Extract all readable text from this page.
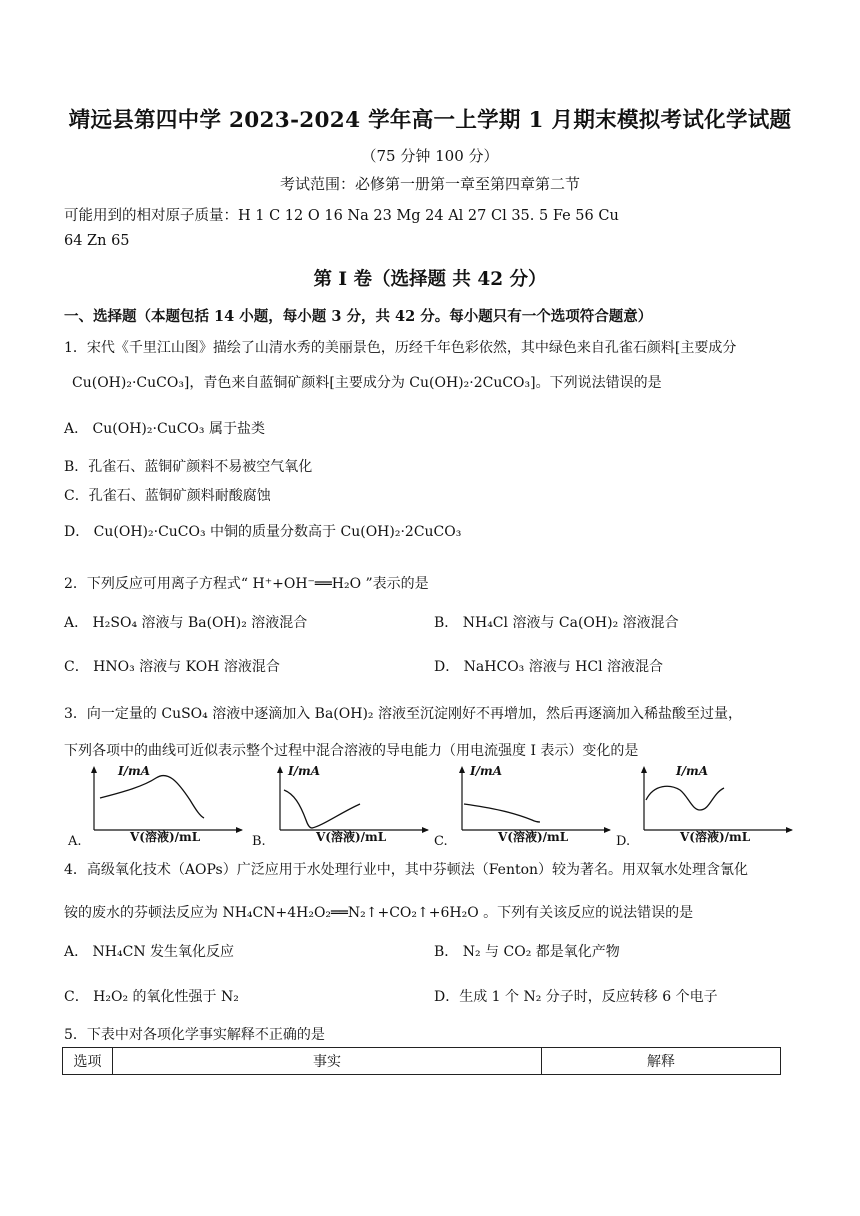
靖远县第四中学 2023-2024 学年高一上学期 1 月期末模拟考试化学试题
（75 分钟 100 分）
考试范围：必修第一册第一章至第四章第二节
可能用到的相对原子质量：H 1 C 12 O 16 Na 23 Mg 24 Al 27 Cl 35. 5 Fe 56 Cu
64 Zn 65
第 Ⅰ 卷（选择题 共 42 分）
一、选择题（本题包括 14 小题，每小题 3 分，共 42 分。每小题只有一个选项符合题意）
1．宋代《千里江山图》描绘了山清水秀的美丽景色，历经千年色彩依然，其中绿色来自孔雀石颜料[主要成分
Cu(OH)₂·CuCO₃]，青色来自蓝铜矿颜料[主要成分为 Cu(OH)₂·2CuCO₃]。下列说法错误的是
A． Cu(OH)₂·CuCO₃ 属于盐类
B．孔雀石、蓝铜矿颜料不易被空气氧化
C．孔雀石、蓝铜矿颜料耐酸腐蚀
D． Cu(OH)₂·CuCO₃ 中铜的质量分数高于 Cu(OH)₂·2CuCO₃
2．下列反应可用离子方程式“ H⁺+OH⁻══H₂O ”表示的是
A． H₂SO₄ 溶液与 Ba(OH)₂ 溶液混合	B． NH₄Cl 溶液与 Ca(OH)₂ 溶液混合
C． HNO₃ 溶液与 KOH 溶液混合	D． NaHCO₃ 溶液与 HCl 溶液混合
3．向一定量的 CuSO₄ 溶液中逐滴加入 Ba(OH)₂ 溶液至沉淀刚好不再增加，然后再逐滴加入稀盐酸至过量，
下列各项中的曲线可近似表示整个过程中混合溶液的导电能力（用电流强度 I 表示）变化的是
I/mA
V(溶液)/mL
A.
I/mA
V(溶液)/mL
B.
I/mA
V(溶液)/mL
C.
I/mA
V(溶液)/mL
D.
4．高级氧化技术（AOPs）广泛应用于水处理行业中，其中芬顿法（Fenton）较为著名。用双氧水处理含氰化
铵的废水的芬顿法反应为 NH₄CN+4H₂O₂══N₂↑+CO₂↑+6H₂O 。下列有关该反应的说法错误的是
A． NH₄CN 发生氧化反应	B． N₂ 与 CO₂ 都是氧化产物
C． H₂O₂ 的氧化性强于 N₂	D．生成 1 个 N₂ 分子时，反应转移 6 个电子
5．下表中对各项化学事实解释不正确的是
选项	事实	解释
